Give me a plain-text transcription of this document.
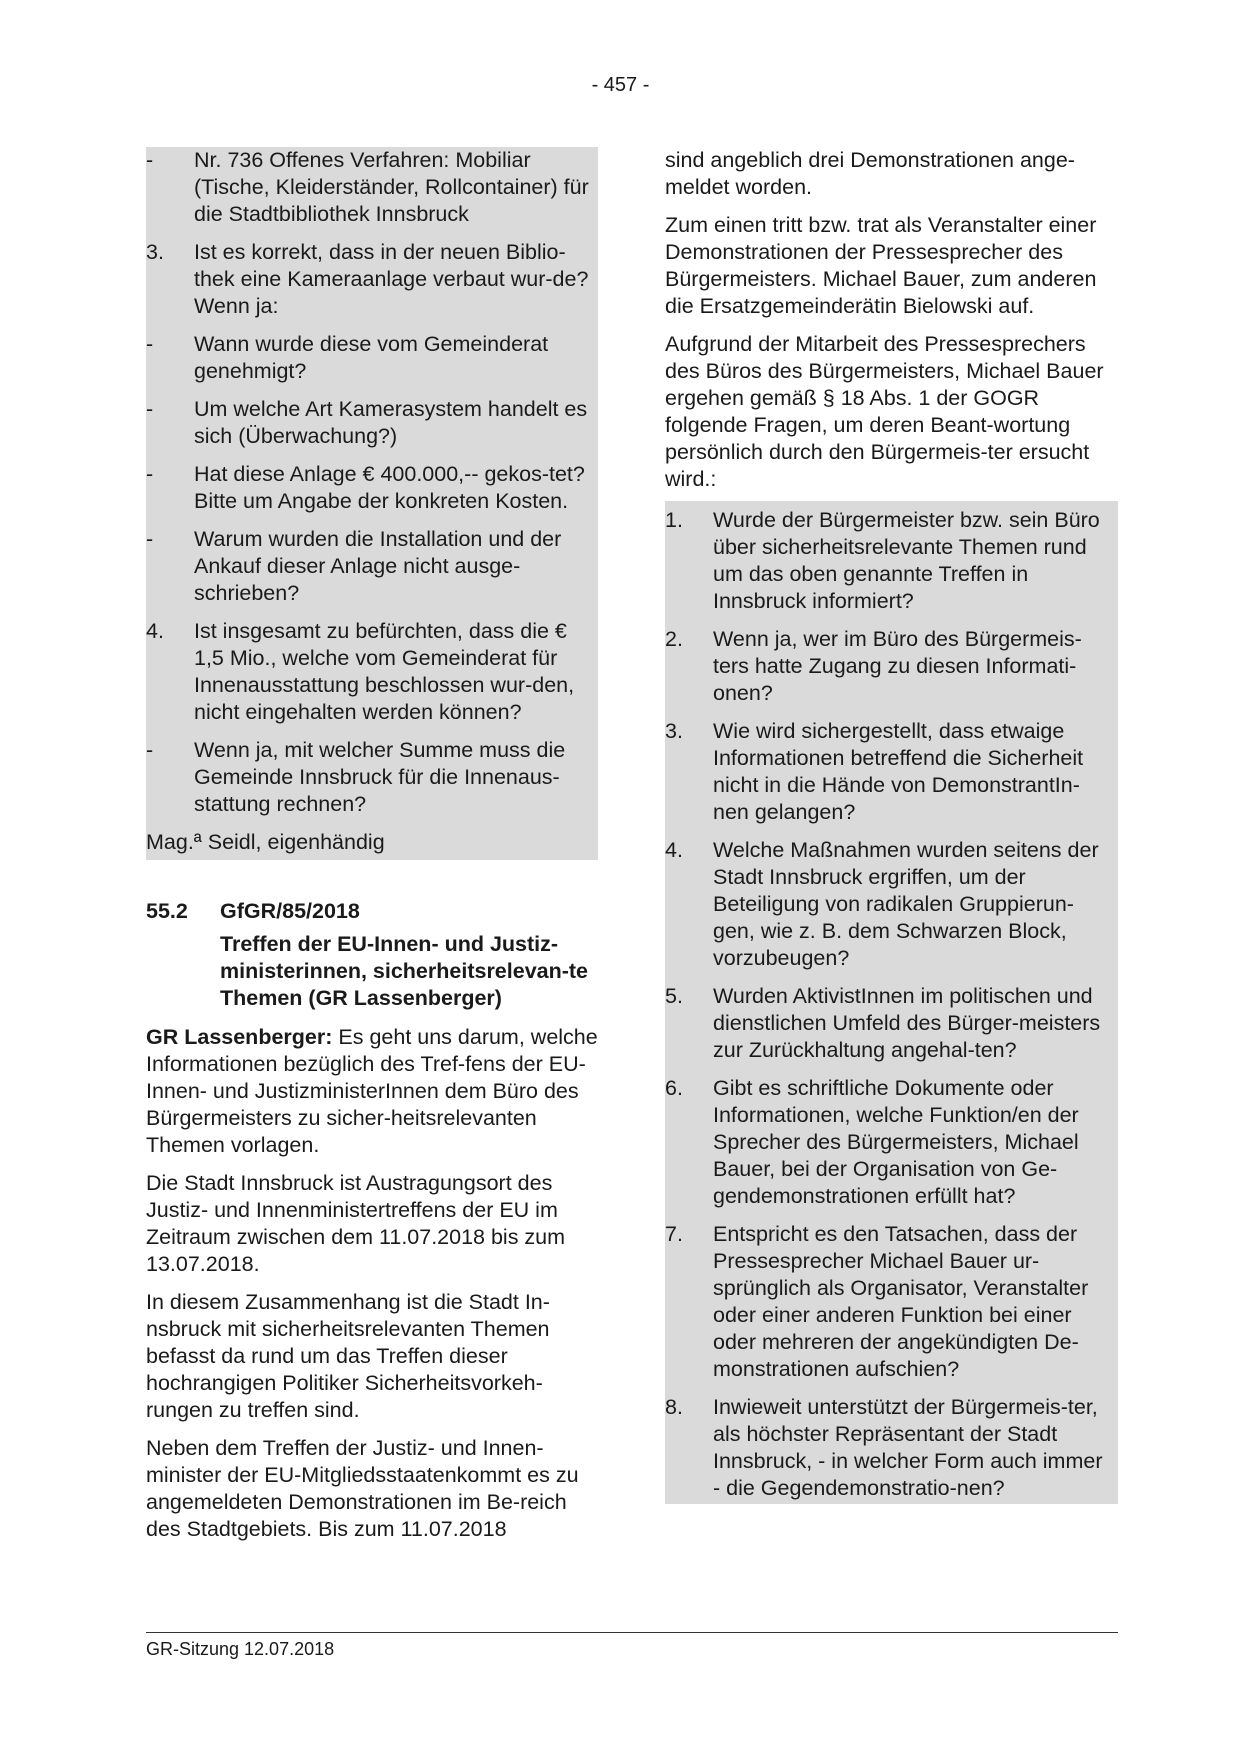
- 457 -
- Nr. 736 Offenes Verfahren: Mobiliar (Tische, Kleiderständer, Rollcontainer) für die Stadtbibliothek Innsbruck
3. Ist es korrekt, dass in der neuen Biblio-thek eine Kameraanlage verbaut wur-de? Wenn ja:
- Wann wurde diese vom Gemeinderat genehmigt?
- Um welche Art Kamerasystem handelt es sich (Überwachung?)
- Hat diese Anlage € 400.000,-- gekos-tet? Bitte um Angabe der konkreten Kosten.
- Warum wurden die Installation und der Ankauf dieser Anlage nicht ausge-schrieben?
4. Ist insgesamt zu befürchten, dass die € 1,5 Mio., welche vom Gemeinderat für Innenausstattung beschlossen wur-den, nicht eingehalten werden können?
- Wenn ja, mit welcher Summe muss die Gemeinde Innsbruck für die Innenaus-stattung rechnen?
Mag.ª Seidl, eigenhändig
55.2 GfGR/85/2018
Treffen der EU-Innen- und Justiz-ministerinnen, sicherheitsrelevan-te Themen (GR Lassenberger)

GR Lassenberger: Es geht uns darum, welche Informationen bezüglich des Tref-fens der EU-Innen- und JustizministerInnen dem Büro des Bürgermeisters zu sicher-heitsrelevanten Themen vorlagen.

Die Stadt Innsbruck ist Austragungsort des Justiz- und Innenministertreffens der EU im Zeitraum zwischen dem 11.07.2018 bis zum 13.07.2018.

In diesem Zusammenhang ist die Stadt In-nsbruck mit sicherheitsrelevanten Themen befasst da rund um das Treffen dieser hochrangigen Politiker Sicherheitsvorkeh-rungen zu treffen sind.

Neben dem Treffen der Justiz- und Innen-minister der EU-Mitgliedsstaatenkommt es zu angemeldeten Demonstrationen im Be-reich des Stadtgebiets. Bis zum 11.07.2018

sind angeblich drei Demonstrationen ange-meldet worden.

Zum einen tritt bzw. trat als Veranstalter einer Demonstrationen der Pressesprecher des Bürgermeisters. Michael Bauer, zum anderen die Ersatzgemeinderätin Bielowski auf.

Aufgrund der Mitarbeit des Pressesprechers des Büros des Bürgermeisters, Michael Bauer ergehen gemäß § 18 Abs. 1 der GOGR folgende Fragen, um deren Beant-wortung persönlich durch den Bürgermeis-ter ersucht wird.:

1. Wurde der Bürgermeister bzw. sein Büro über sicherheitsrelevante Themen rund um das oben genannte Treffen in Innsbruck informiert?
2. Wenn ja, wer im Büro des Bürgermeis-ters hatte Zugang zu diesen Informati-onen?
3. Wie wird sichergestellt, dass etwaige Informationen betreffend die Sicherheit nicht in die Hände von DemonstrantIn-nen gelangen?
4. Welche Maßnahmen wurden seitens der Stadt Innsbruck ergriffen, um der Beteiligung von radikalen Gruppierun-gen, wie z. B. dem Schwarzen Block, vorzubeugen?
5. Wurden AktivistInnen im politischen und dienstlichen Umfeld des Bürger-meisters zur Zurückhaltung angehal-ten?
6. Gibt es schriftliche Dokumente oder Informationen, welche Funktion/en der Sprecher des Bürgermeisters, Michael Bauer, bei der Organisation von Ge-gendemonstrationen erfüllt hat?
7. Entspricht es den Tatsachen, dass der Pressesprecher Michael Bauer ur-sprünglich als Organisator, Veranstalter oder einer anderen Funktion bei einer oder mehreren der angekündigten De-monstrationen aufschien?
8. Inwieweit unterstützt der Bürgermeis-ter, als höchster Repräsentant der Stadt Innsbruck, - in welcher Form auch immer - die Gegendemonstratio-nen?
GR-Sitzung 12.07.2018
